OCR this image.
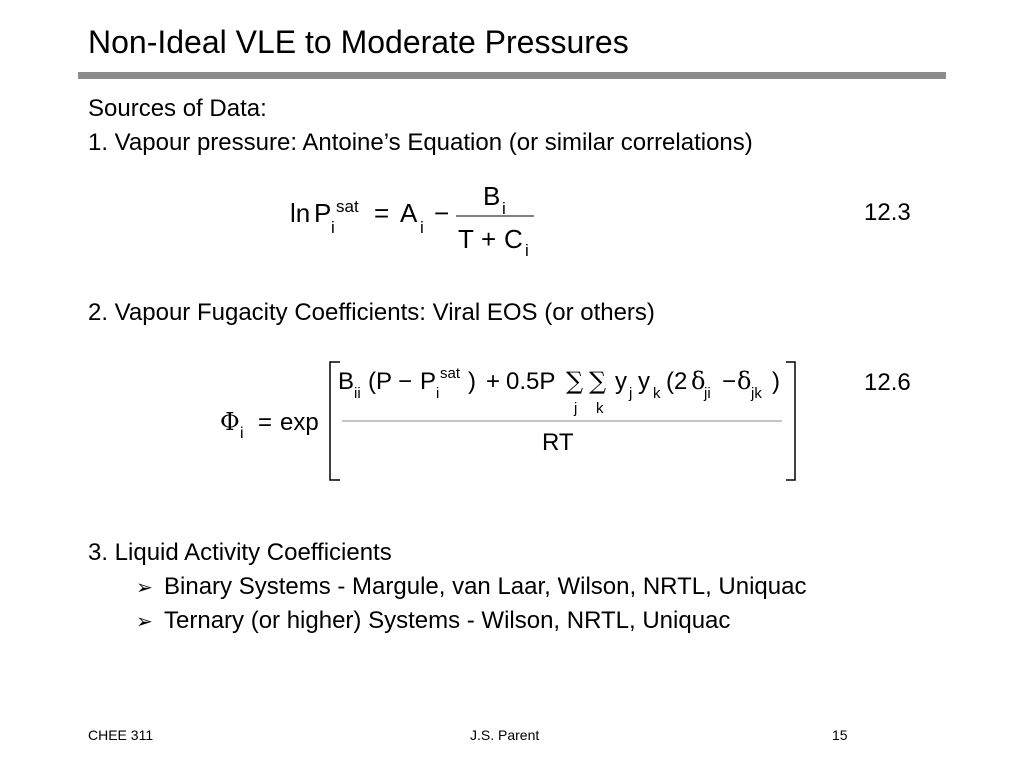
Non-Ideal VLE to Moderate Pressures
Sources of Data:
1. Vapour pressure: Antoine’s Equation (or similar correlations)
ln P sat
i = A i −
B i
T + C i
12.3
2. Vapour Fugacity Coefficients: Viral EOS (or others)
Φ i = exp
B ii (P − P sat
i ) + 0.5P ∑
j
∑
k
y j y k (2 δ
ji − δ jk )
RT
12.6
3. Liquid Activity Coefficients
➢ Binary Systems - Margule, van Laar, Wilson, NRTL, Uniquac
➢ Ternary (or higher) Systems - Wilson, NRTL, Uniquac
CHEE 311	J.S. Parent	15
